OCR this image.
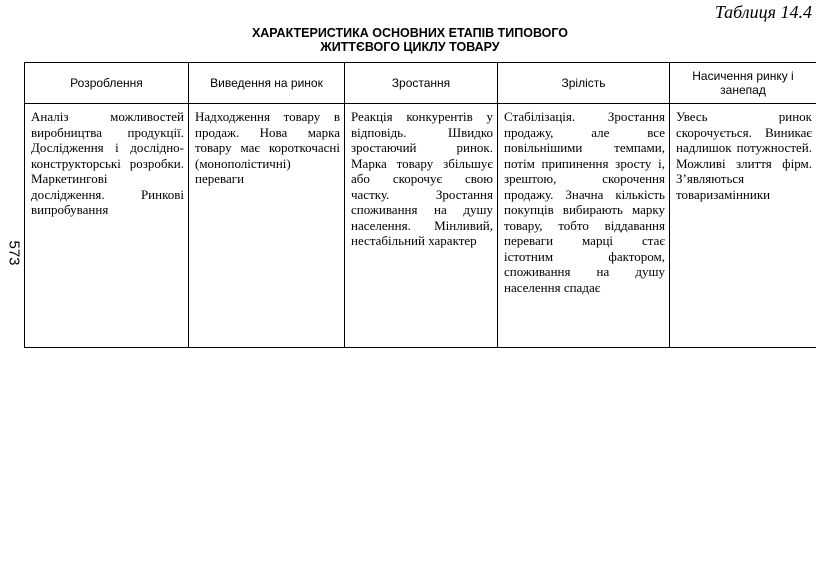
573
Таблиця 14.4
ХАРАКТЕРИСТИКА ОСНОВНИХ ЕТАПІВ ТИПОВОГО
ЖИТТЄВОГО ЦИКЛУ ТОВАРУ
Розроблення	Виведення на ринок	Зростання	Зрілість	Насичення ринку і занепад
Аналіз можливостей виробництва продукції. Дослідження і дослідно-конструкторські розробки. Маркетингові дослідження. Ринкові випробування	Надходження товару в продаж. Нова марка товару має короткочасні (монополістичні) переваги	Реакція конкурентів у відповідь. Швидко зростаючий ринок. Марка товару збільшує або скорочує свою частку. Зростання споживання на душу населення. Мінливий, нестабільний характер	Стабілізація. Зростання продажу, але все повільнішими темпами, потім припинення зросту і, зрештою, скорочення продажу. Значна кількість покупців вибирають марку товару, тобто віддавання переваги марці стає істотним фактором, споживання на душу населення спадає	Увесь ринок скорочується. Виникає надлишок потужностей. Можливі злиття фірм. З’являються товаризамінники
